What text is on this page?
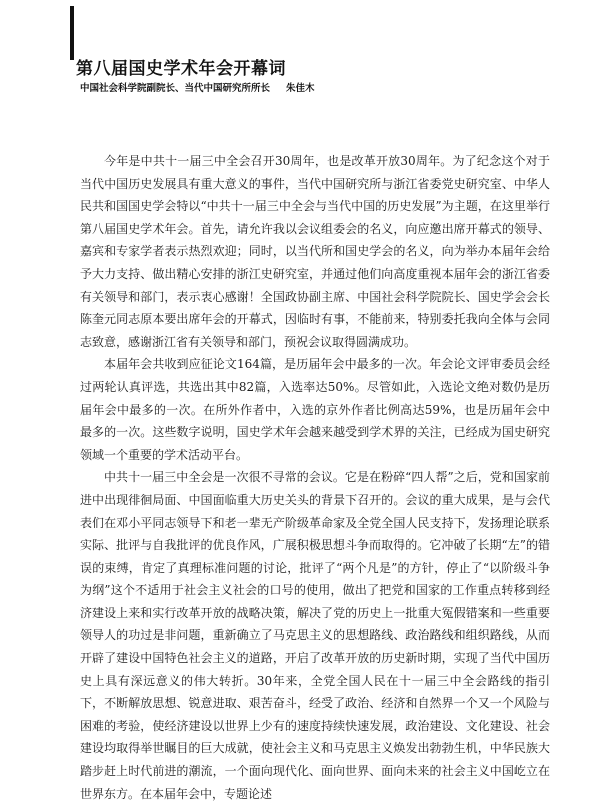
第八届国史学术年会开幕词
中国社会科学院副院长、当代中国研究所所长 朱佳木

今年是中共十一届三中全会召开30周年，也是改革开放30周年。为了纪念这个对于当代中国历史发展具有重大意义的事件，当代中国研究所与浙江省委党史研究室、中华人民共和国国史学会特以“中共十一届三中全会与当代中国的历史发展”为主题，在这里举行第八届国史学术年会。首先，请允许我以会议组委会的名义，向应邀出席开幕式的领导、嘉宾和专家学者表示热烈欢迎；同时，以当代所和国史学会的名义，向为举办本届年会给予大力支持、做出精心安排的浙江史研究室，并通过他们向高度重视本届年会的浙江省委有关领导和部门，表示衷心感谢！全国政协副主席、中国社会科学院院长、国史学会会长陈奎元同志原本要出席年会的开幕式，因临时有事，不能前来，特别委托我向全体与会同志致意，感谢浙江省有关领导和部门，预祝会议取得圆满成功。

本届年会共收到应征论文164篇，是历届年会中最多的一次。年会论文评审委员会经过两轮认真评选，共选出其中82篇，入选率达50%。尽管如此，入选论文绝对数仍是历届年会中最多的一次。在所外作者中，入选的京外作者比例高达59%，也是历届年会中最多的一次。这些数字说明，国史学术年会越来越受到学术界的关注，已经成为国史研究领域一个重要的学术活动平台。

中共十一届三中全会是一次很不寻常的会议。它是在粉碎“四人帮”之后，党和国家前进中出现徘徊局面、中国面临重大历史关头的背景下召开的。会议的重大成果，是与会代表们在邓小平同志领导下和老一辈无产阶级革命家及全党全国人民支持下，发扬理论联系实际、批评与自我批评的优良作风，广展积极思想斗争而取得的。它冲破了长期“左”的错误的束缚，肯定了真理标准问题的讨论，批评了“两个凡是”的方针，停止了“以阶级斗争为纲”这个不适用于社会主义社会的口号的使用，做出了把党和国家的工作重点转移到经济建设上来和实行改革开放的战略决策，解决了党的历史上一批重大冤假错案和一些重要领导人的功过是非问题，重新确立了马克思主义的思想路线、政治路线和组织路线，从而开辟了建设中国特色社会主义的道路，开启了改革开放的历史新时期，实现了当代中国历史上具有深远意义的伟大转折。30年来，全党全国人民在十一届三中全会路线的指引下，不断解放思想、锐意进取、艰苦奋斗，经受了政治、经济和自然界一个又一个风险与困难的考验，使经济建设以世界上少有的速度持续快速发展，政治建设、文化建设、社会建设均取得举世瞩目的巨大成就，使社会主义和马克思主义焕发出勃勃生机，中华民族大踏步赶上时代前进的潮流，一个面向现代化、面向世界、面向未来的社会主义中国屹立在世界东方。在本届年会中，专题论述
